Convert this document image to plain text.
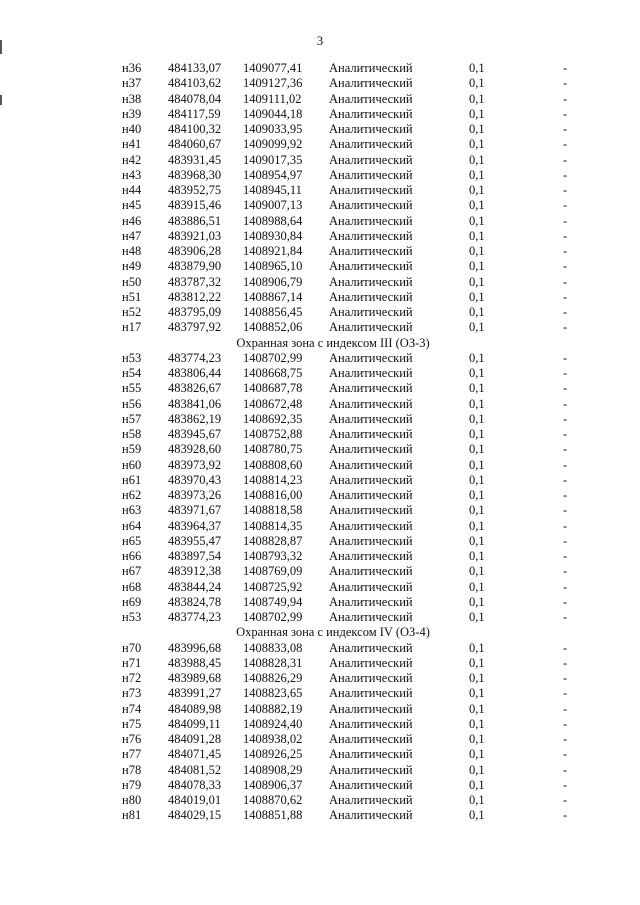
3
н36 484133,07 1409077,41 Аналитический	0,1	-
н37 484103,62 1409127,36 Аналитический	0,1	-
н38 484078,04 1409111,02 Аналитический	0,1	-
н39 484117,59 1409044,18 Аналитический	0,1	-
н40 484100,32 1409033,95 Аналитический	0,1	-
н41 484060,67 1409099,92 Аналитический	0,1	-
н42 483931,45 1409017,35 Аналитический	0,1	-
н43 483968,30 1408954,97 Аналитический	0,1	-
н44 483952,75 1408945,11 Аналитический	0,1	-
н45 483915,46 1409007,13 Аналитический	0,1	-
н46 483886,51 1408988,64 Аналитический	0,1	-
н47 483921,03 1408930,84 Аналитический	0,1	-
н48 483906,28 1408921,84 Аналитический	0,1	-
н49 483879,90 1408965,10 Аналитический	0,1	-
н50 483787,32 1408906,79 Аналитический	0,1	-
н51 483812,22 1408867,14 Аналитический	0,1	-
н52 483795,09 1408856,45 Аналитический	0,1	-
н17 483797,92 1408852,06 Аналитический	0,1	-
Охранная зона с индексом III (ОЗ-3)
н53 483774,23 1408702,99 Аналитический	0,1	-
н54 483806,44 1408668,75 Аналитический	0,1	-
н55 483826,67 1408687,78 Аналитический	0,1	-
н56 483841,06 1408672,48 Аналитический	0,1	-
н57 483862,19 1408692,35 Аналитический	0,1	-
н58 483945,67 1408752,88 Аналитический	0,1	-
н59 483928,60 1408780,75 Аналитический	0,1	-
н60 483973,92 1408808,60 Аналитический	0,1	-
н61 483970,43 1408814,23 Аналитический	0,1	-
н62 483973,26 1408816,00 Аналитический	0,1	-
н63 483971,67 1408818,58 Аналитический	0,1	-
н64 483964,37 1408814,35 Аналитический	0,1	-
н65 483955,47 1408828,87 Аналитический	0,1	-
н66 483897,54 1408793,32 Аналитический	0,1	-
н67 483912,38 1408769,09 Аналитический	0,1	-
н68 483844,24 1408725,92 Аналитический	0,1	-
н69 483824,78 1408749,94 Аналитический	0,1	-
н53 483774,23 1408702,99 Аналитический	0,1	-
Охранная зона с индексом IV (ОЗ-4)
н70 483996,68 1408833,08 Аналитический	0,1	-
н71 483988,45 1408828,31 Аналитический	0,1	-
н72 483989,68 1408826,29 Аналитический	0,1	-
н73 483991,27 1408823,65 Аналитический	0,1	-
н74 484089,98 1408882,19 Аналитический	0,1	-
н75 484099,11 1408924,40 Аналитический	0,1	-
н76 484091,28 1408938,02 Аналитический	0,1	-
н77 484071,45 1408926,25 Аналитический	0,1	-
н78 484081,52 1408908,29 Аналитический	0,1	-
н79 484078,33 1408906,37 Аналитический	0,1	-
н80 484019,01 1408870,62 Аналитический	0,1	-
н81 484029,15 1408851,88 Аналитический	0,1	-
